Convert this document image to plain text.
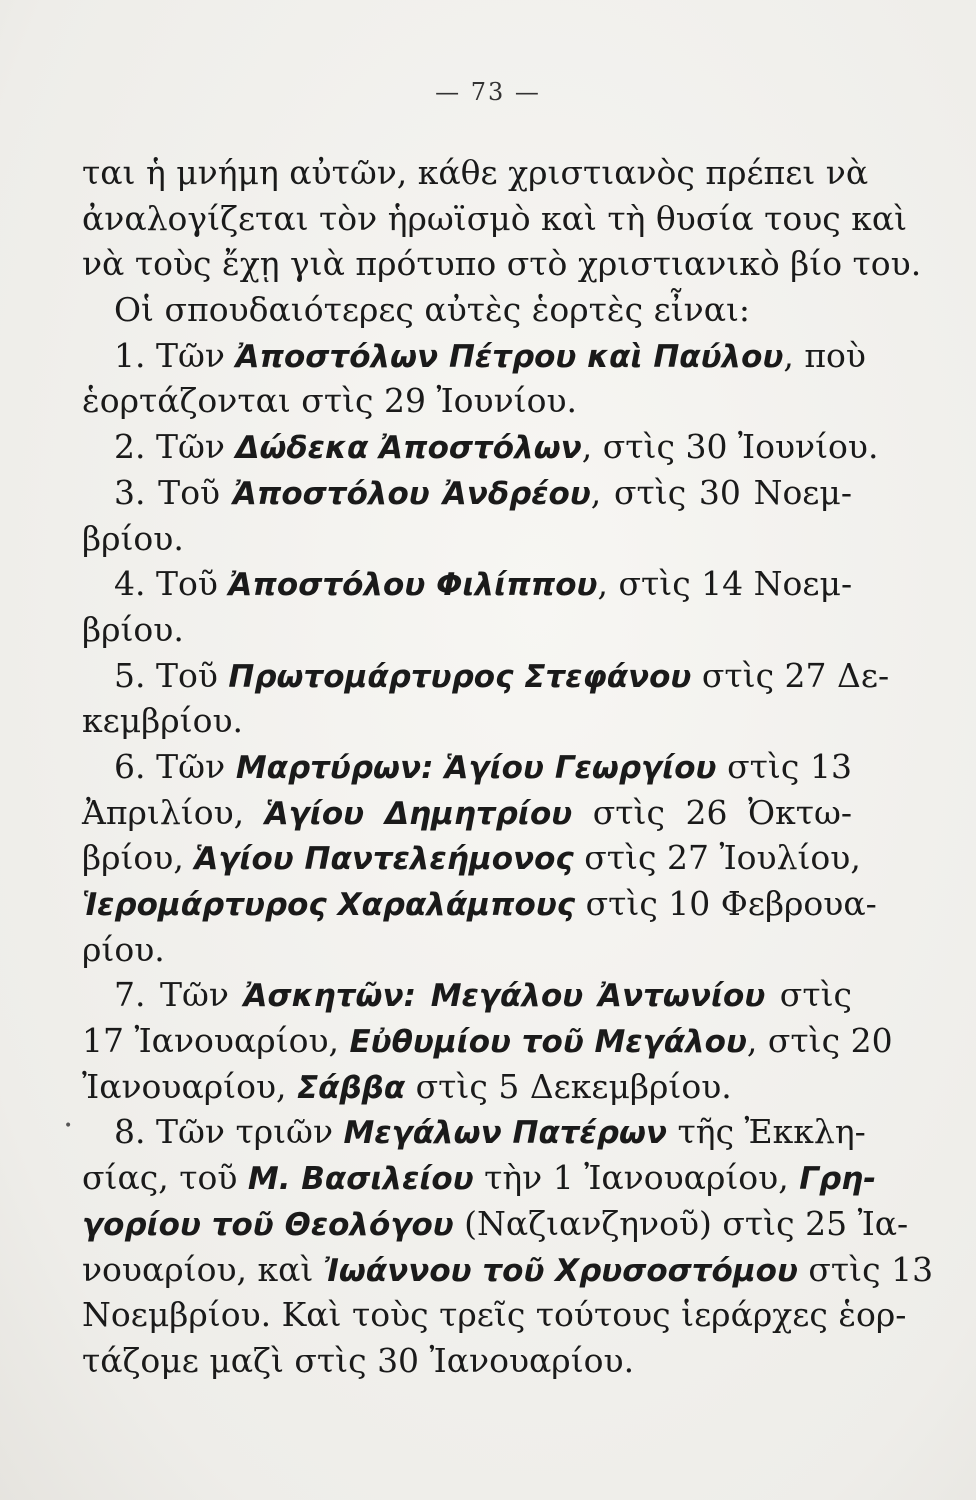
— 73 —
•
ται ἡ μνήμη αὐτῶν, κάθε χριστιανὸς πρέπει νὰ
ἀναλογίζεται τὸν ἡρωϊσμὸ καὶ τὴ θυσία τους καὶ
νὰ τοὺς ἔχῃ γιὰ πρότυπο στὸ χριστιανικὸ βίο του.
Οἱ σπουδαιότερες αὐτὲς ἑορτὲς εἶναι:
1. Τῶν Ἀποστόλων Πέτρου καὶ Παύλου, ποὺ
ἑορτάζονται στὶς 29 Ἰουνίου.
2. Τῶν Δώδεκα Ἀποστόλων, στὶς 30 Ἰουνίου.
3. Τοῦ Ἀποστόλου Ἀνδρέου, στὶς 30 Νοεμ-
βρίου.
4. Τοῦ Ἀποστόλου Φιλίππου, στὶς 14 Νοεμ-
βρίου.
5. Τοῦ Πρωτομάρτυρος Στεφάνου στὶς 27 Δε-
κεμβρίου.
6. Τῶν Μαρτύρων: Ἁγίου Γεωργίου στὶς 13
Ἀπριλίου, Ἁγίου Δημητρίου στὶς 26 Ὀκτω-
βρίου, Ἁγίου Παντελεήμονος στὶς 27 Ἰουλίου,
Ἱερομάρτυρος Χαραλάμπους στὶς 10 Φεβρουα-
ρίου.
7. Τῶν Ἀσκητῶν: Μεγάλου Ἀντωνίου στὶς
17 Ἰανουαρίου, Εὐθυμίου τοῦ Μεγάλου, στὶς 20
Ἰανουαρίου, Σάββα στὶς 5 Δεκεμβρίου.
8. Τῶν τριῶν Μεγάλων Πατέρων τῆς Ἐκκλη-
σίας, τοῦ Μ. Βασιλείου τὴν 1 Ἰανουαρίου, Γρη-
γορίου τοῦ Θεολόγου (Ναζιανζηνοῦ) στὶς 25 Ἰα-
νουαρίου, καὶ Ἰωάννου τοῦ Χρυσοστόμου στὶς 13
Νοεμβρίου. Καὶ τοὺς τρεῖς τούτους ἱεράρχες ἑορ-
τάζομε μαζὶ στὶς 30 Ἰανουαρίου.
